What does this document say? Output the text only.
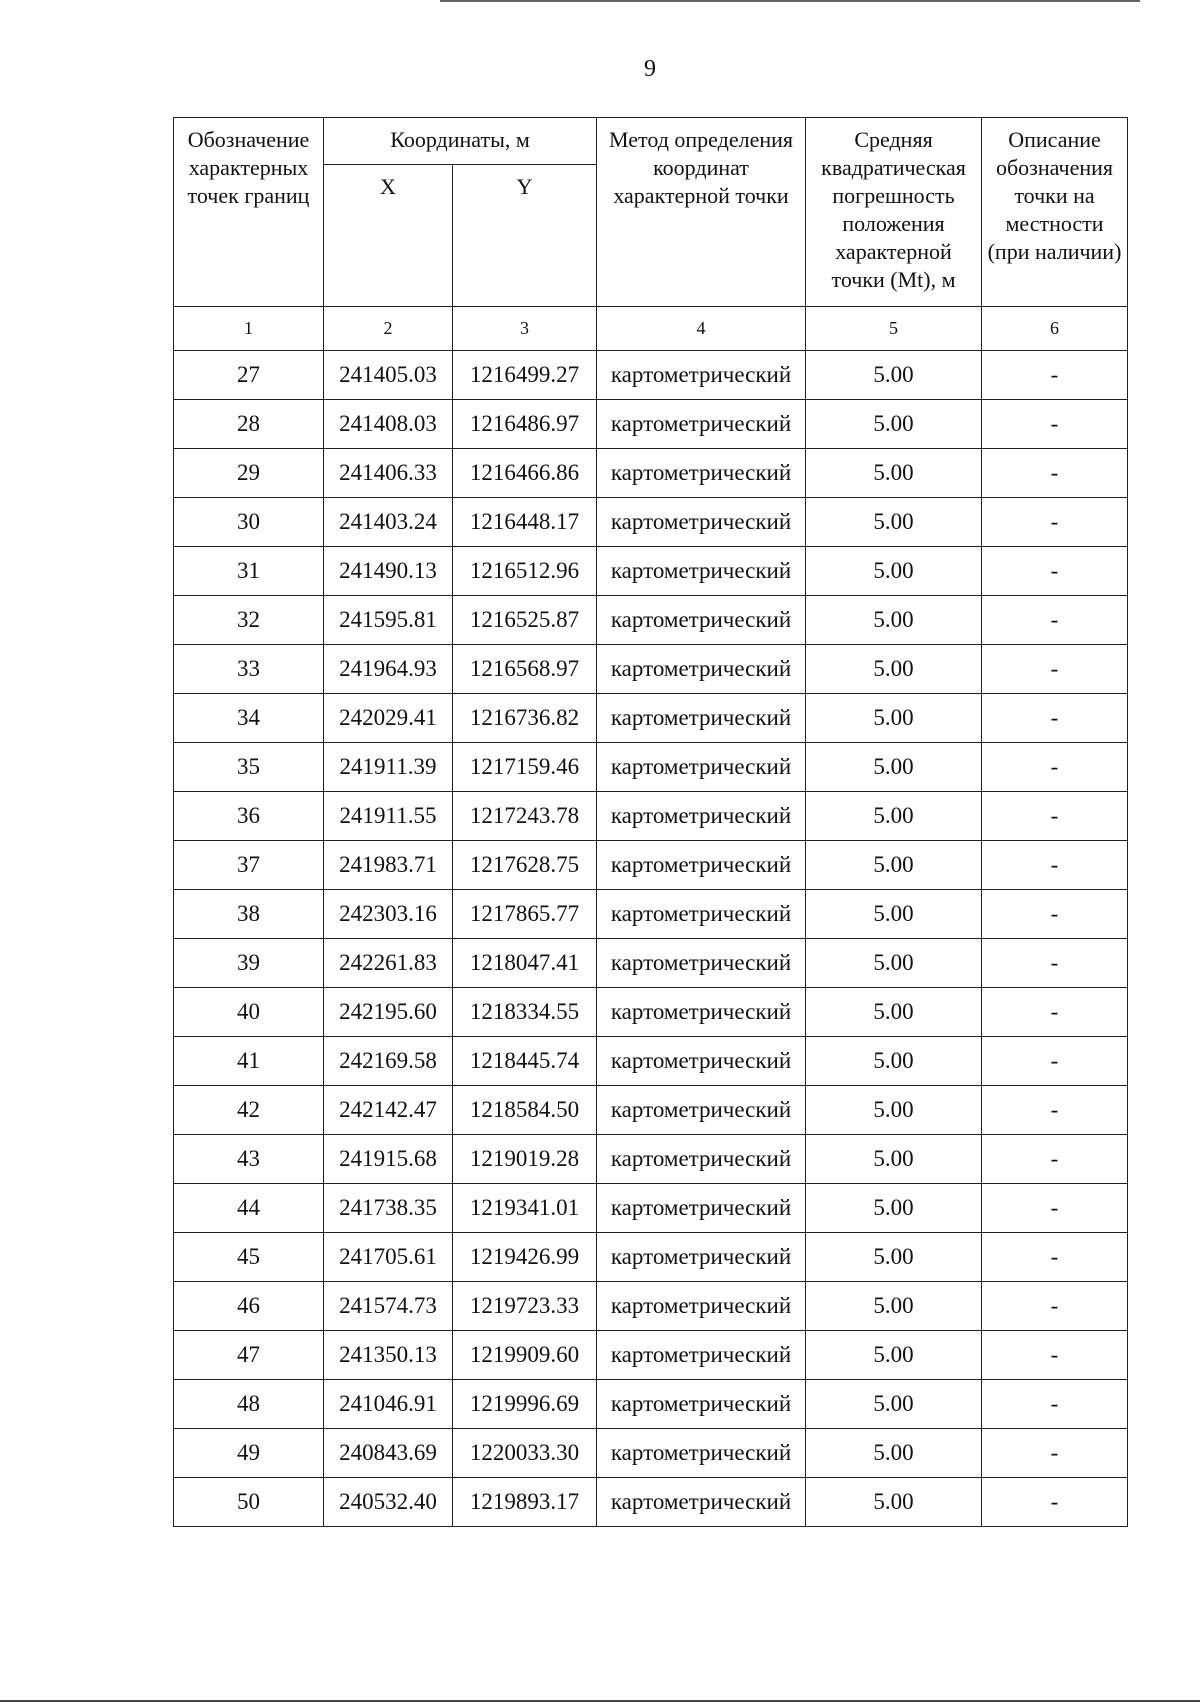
9
Обозначение характерных точек границ	Координаты, м		Метод определения координат характерной точки	Средняя квадратическая погрешность положения характерной точки (Mt), м	Описание обозначения точки на местности (при наличии)
	X	Y			
1	2	3	4	5	6
27	241405.03	1216499.27	картометрический	5.00	-
28	241408.03	1216486.97	картометрический	5.00	-
29	241406.33	1216466.86	картометрический	5.00	-
30	241403.24	1216448.17	картометрический	5.00	-
31	241490.13	1216512.96	картометрический	5.00	-
32	241595.81	1216525.87	картометрический	5.00	-
33	241964.93	1216568.97	картометрический	5.00	-
34	242029.41	1216736.82	картометрический	5.00	-
35	241911.39	1217159.46	картометрический	5.00	-
36	241911.55	1217243.78	картометрический	5.00	-
37	241983.71	1217628.75	картометрический	5.00	-
38	242303.16	1217865.77	картометрический	5.00	-
39	242261.83	1218047.41	картометрический	5.00	-
40	242195.60	1218334.55	картометрический	5.00	-
41	242169.58	1218445.74	картометрический	5.00	-
42	242142.47	1218584.50	картометрический	5.00	-
43	241915.68	1219019.28	картометрический	5.00	-
44	241738.35	1219341.01	картометрический	5.00	-
45	241705.61	1219426.99	картометрический	5.00	-
46	241574.73	1219723.33	картометрический	5.00	-
47	241350.13	1219909.60	картометрический	5.00	-
48	241046.91	1219996.69	картометрический	5.00	-
49	240843.69	1220033.30	картометрический	5.00	-
50	240532.40	1219893.17	картометрический	5.00	-
